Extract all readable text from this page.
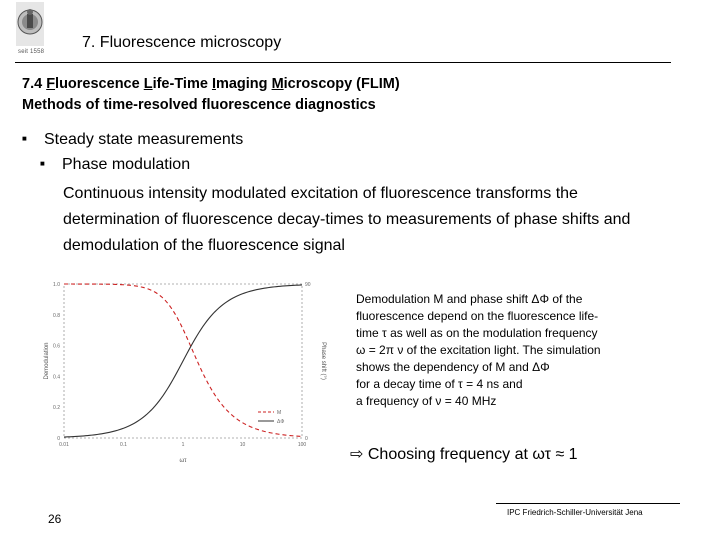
seit 1558
7. Fluorescence microscopy
7.4 Fluorescence Life-Time Imaging Microscopy (FLIM)
Methods of time-resolved fluorescence diagnostics
■ Steady state measurements
■ Phase modulation
Continuous intensity modulated excitation of fluorescence transforms the
determination of fluorescence decay-times to measurements of phase shifts and
demodulation of the fluorescence signal
Demodulation	Phase shift (°)
ωτ
0.01	0.1	1	10	100
0
0.2
0.4
0.6
0.8
1.0
0
90
M
ΔΦ
Demodulation M and phase shift ΔΦ of the
fluorescence depend on the fluorescence life-
time τ as well as on the modulation frequency
ω = 2π ν of the excitation light. The simulation
shows the dependency of M and ΔΦ
for a decay time of τ = 4 ns and
a frequency of ν = 40 MHz
⇨ Choosing frequency at ωτ ≈ 1
IPC Friedrich-Schiller-Universität Jena
26
